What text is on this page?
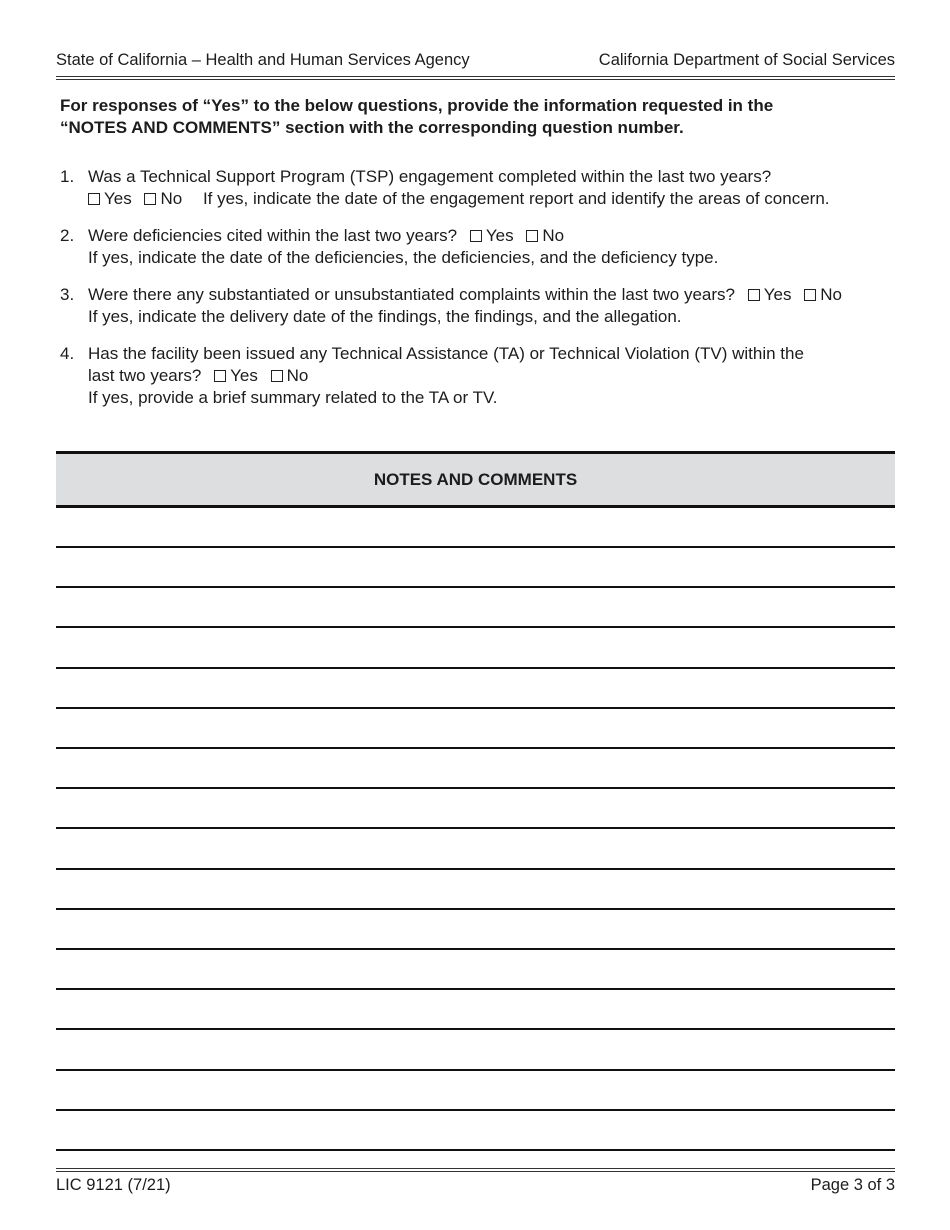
State of California – Health and Human Services Agency	California Department of Social Services
For responses of “Yes” to the below questions, provide the information requested in the
“NOTES AND COMMENTS” section with the corresponding question number.
1. Was a Technical Support Program (TSP) engagement completed within the last two years?
Yes No If yes, indicate the date of the engagement report and identify the areas of concern.
2. Were deficiencies cited within the last two years? Yes No
If yes, indicate the date of the deficiencies, the deficiencies, and the deficiency type.
3. Were there any substantiated or unsubstantiated complaints within the last two years? Yes No
If yes, indicate the delivery date of the findings, the findings, and the allegation.
4. Has the facility been issued any Technical Assistance (TA) or Technical Violation (TV) within the
last two years? Yes No
If yes, provide a brief summary related to the TA or TV.
NOTES AND COMMENTS
LIC 9121 (7/21)	Page 3 of 3
